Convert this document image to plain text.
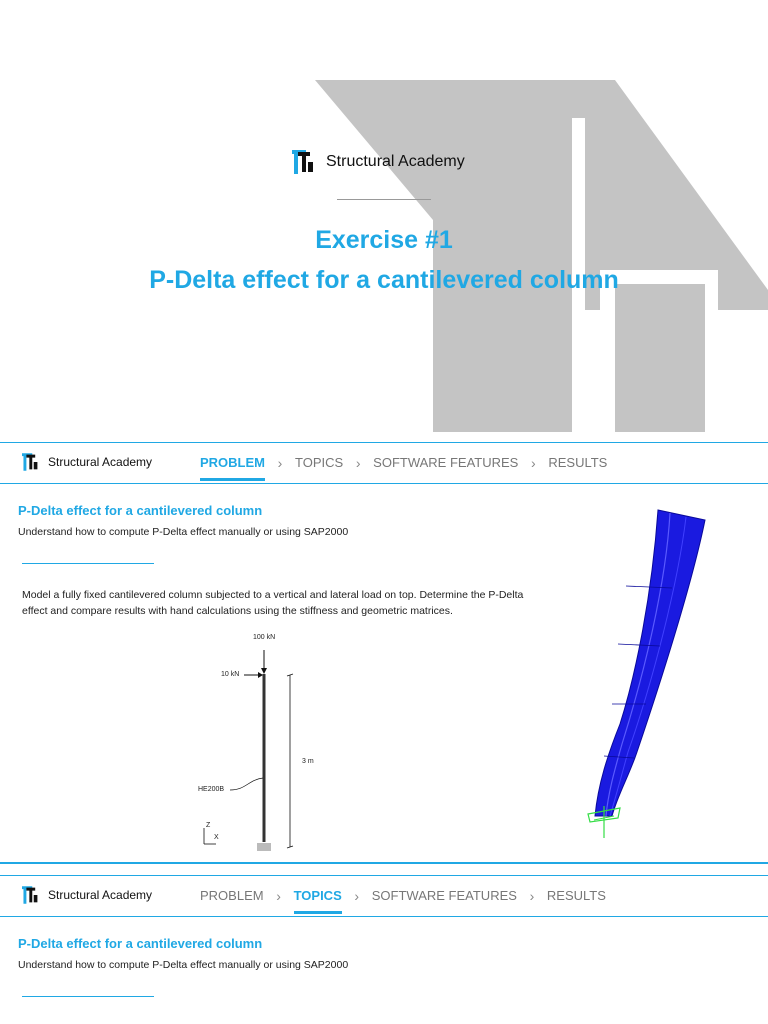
Structural Academy
Exercise #1
P-Delta effect for a cantilevered column
Structural Academy	PROBLEM › TOPICS › SOFTWARE FEATURES › RESULTS
P-Delta effect for a cantilevered column
Understand how to compute P-Delta effect manually or using SAP2000
Model a fully fixed cantilevered column subjected to a vertical and lateral load on top. Determine the P-Delta effect and compare results with hand calculations using the stiffness and geometric matrices.
100 kN
10 kN
3 m
HE200B
Z
X
Structural Academy	PROBLEM › TOPICS › SOFTWARE FEATURES › RESULTS
P-Delta effect for a cantilevered column
Understand how to compute P-Delta effect manually or using SAP2000
